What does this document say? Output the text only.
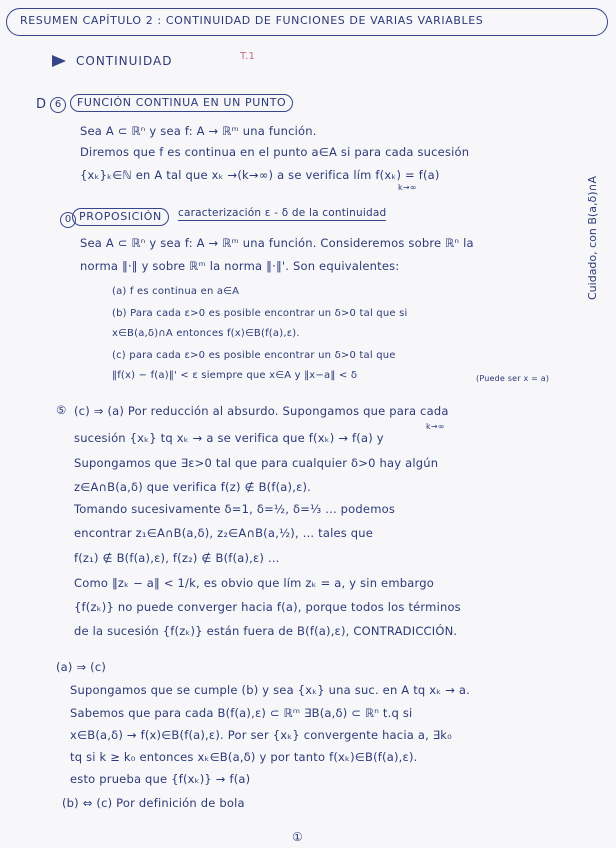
RESUMEN CAPÍTULO 2 : CONTINUIDAD DE FUNCIONES DE VARIAS VARIABLES
CONTINUIDAD	T.1
D 6	FUNCIÓN CONTINUA EN UN PUNTO
Sea A ⊂ ℝⁿ y sea f: A → ℝᵐ una función.
Diremos que f es continua en el punto a∈A si para cada sucesión
{xₖ}ₖ∈ℕ en A tal que xₖ →(k→∞) a se verifica lím f(xₖ) = f(a)
k→∞
0 PROPOSICIÓN	caracterización ε - δ de la continuidad
Sea A ⊂ ℝⁿ y sea f: A → ℝᵐ una función. Consideremos sobre ℝⁿ la
norma ‖·‖ y sobre ℝᵐ la norma ‖·‖'. Son equivalentes:
(a) f es continua en a∈A
(b) Para cada ε>0 es posible encontrar un δ>0 tal que si
x∈B(a,δ)∩A entonces f(x)∈B(f(a),ε).
(c) para cada ε>0 es posible encontrar un δ>0 tal que
‖f(x) − f(a)‖' < ε siempre que x∈A y ‖x−a‖ < δ	(Puede ser x = a)
Cuidado, con B(a,δ)∩A
⑤ (c) ⇒ (a) Por reducción al absurdo. Supongamos que para cada
sucesión {xₖ} tq xₖ → a se verifica que f(xₖ) → f(a) y
k→∞
Supongamos que ∃ε>0 tal que para cualquier δ>0 hay algún
z∈A∩B(a,δ) que verifica f(z) ∉ B(f(a),ε).
Tomando sucesivamente δ=1, δ=½, δ=⅓ ... podemos
encontrar z₁∈A∩B(a,δ), z₂∈A∩B(a,½), ... tales que
f(z₁) ∉ B(f(a),ε), f(z₂) ∉ B(f(a),ε) ...
Como ‖zₖ − a‖ < 1/k, es obvio que lím zₖ = a, y sin embargo
{f(zₖ)} no puede converger hacia f(a), porque todos los términos
de la sucesión {f(zₖ)} están fuera de B(f(a),ε), CONTRADICCIÓN.
(a) ⇒ (c)
Supongamos que se cumple (b) y sea {xₖ} una suc. en A tq xₖ → a.
Sabemos que para cada B(f(a),ε) ⊂ ℝᵐ ∃B(a,δ) ⊂ ℝⁿ t.q si
x∈B(a,δ) → f(x)∈B(f(a),ε). Por ser {xₖ} convergente hacia a, ∃k₀
tq si k ≥ k₀ entonces xₖ∈B(a,δ) y por tanto f(xₖ)∈B(f(a),ε).
esto prueba que {f(xₖ)} → f(a)
(b) ⇔ (c) Por definición de bola
①
